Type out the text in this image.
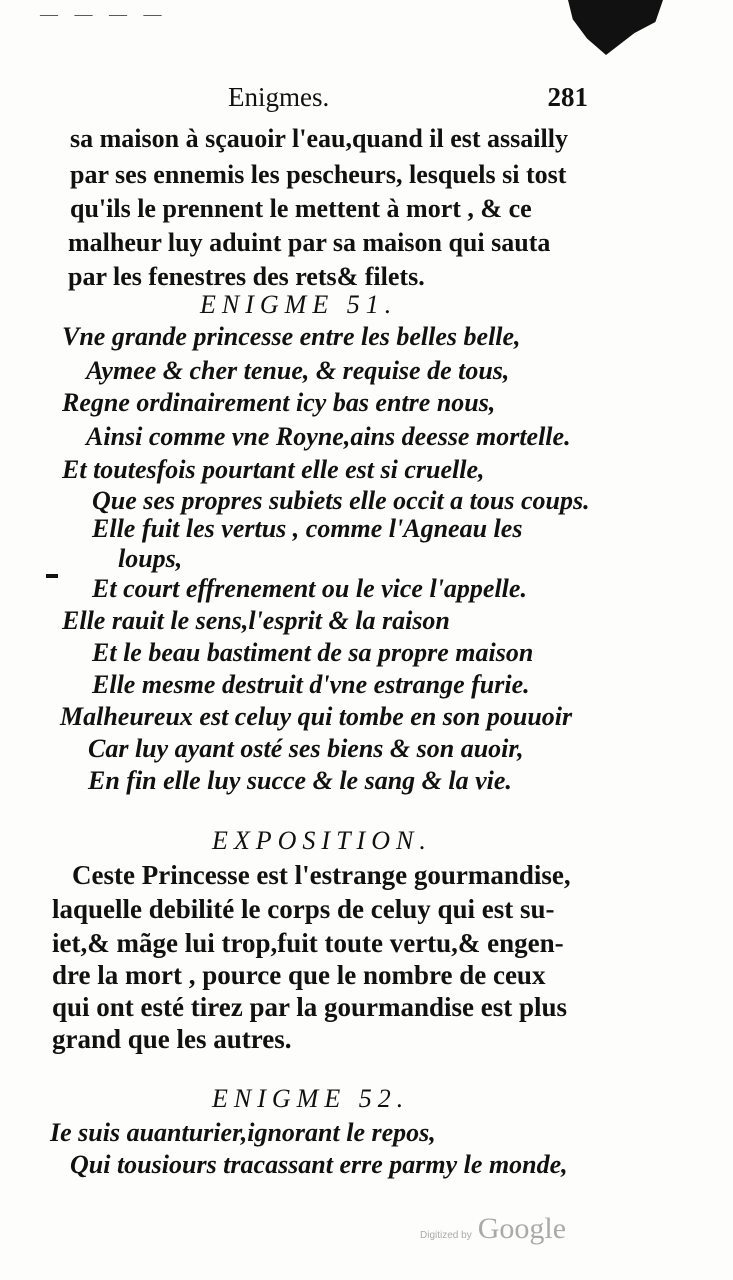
— — — —
Enigmes.	281
sa maison à sçauoir l'eau,quand il est assailly
par ses ennemis les pescheurs, lesquels si tost
qu'ils le prennent le mettent à mort , & ce
malheur luy aduint par sa maison qui sauta
par les fenestres des rets& filets.
ENIGME 51.
Vne grande princesse entre les belles belle,
Aymee & cher tenue, & requise de tous,
Regne ordinairement icy bas entre nous,
Ainsi comme vne Royne,ains deesse mortelle.
Et toutesfois pourtant elle est si cruelle,
Que ses propres subiets elle occit a tous coups.
Elle fuit les vertus , comme l'Agneau les
loups,
Et court effrenement ou le vice l'appelle.
Elle rauit le sens,l'esprit & la raison
Et le beau bastiment de sa propre maison
Elle mesme destruit d'vne estrange furie.
Malheureux est celuy qui tombe en son pouuoir
Car luy ayant osté ses biens & son auoir,
En fin elle luy succe & le sang & la vie.
EXPOSITION.
Ceste Princesse est l'estrange gourmandise,
laquelle debilité le corps de celuy qui est su-
iet,& mãge lui trop,fuit toute vertu,& engen-
dre la mort , pource que le nombre de ceux
qui ont esté tirez par la gourmandise est plus
grand que les autres.
ENIGME 52.
Ie suis auanturier,ignorant le repos,
Qui tousiours tracassant erre parmy le monde,
Digitized by Google
